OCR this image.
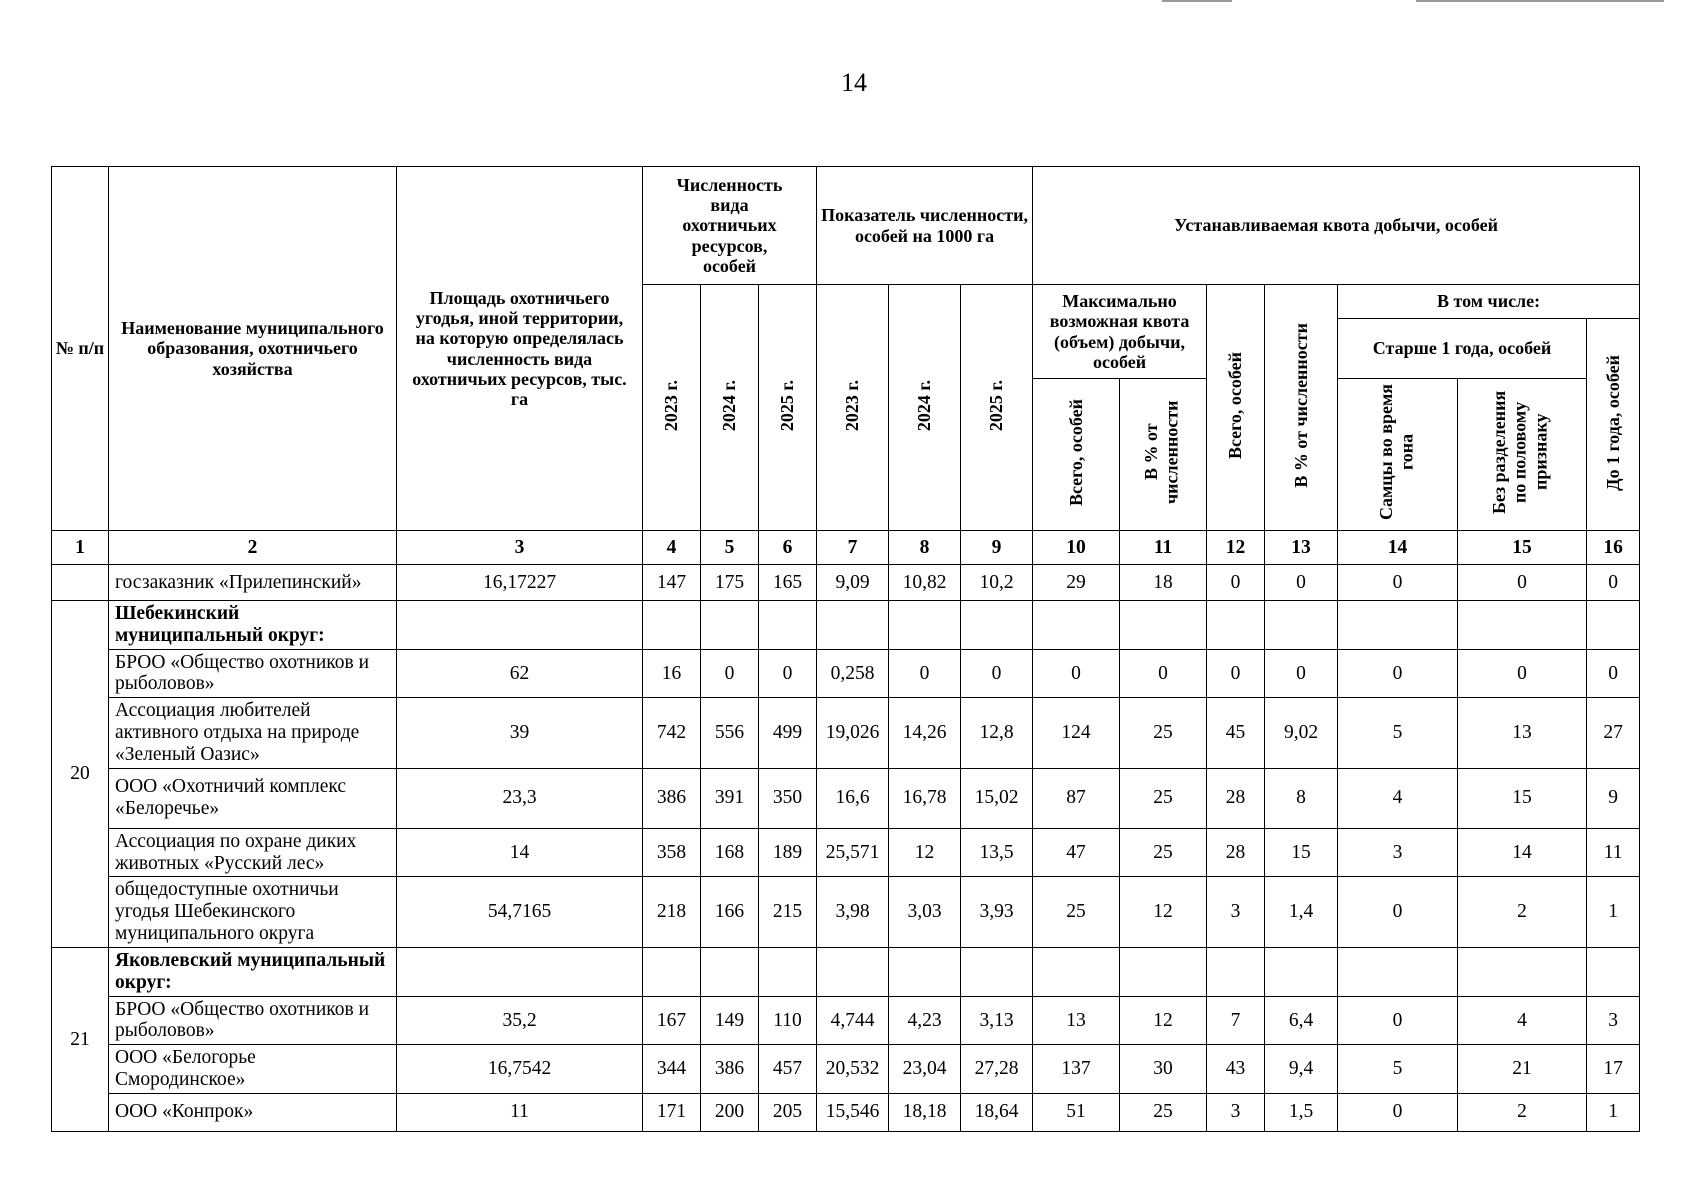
14
№ п/п	Наименование муниципального образования, охотничьего хозяйства	Площадь охотничьего угодья, иной территории, на которую определялась численность вида охотничьих ресурсов, тыс. га	Численность вида охотничьих ресурсов, особей			Показатель численности, особей на 1000 га			Устанавливаемая квота добычи, особей						
			2023 г.	2024 г.	2025 г.	2023 г.	2024 г.	2025 г.	Максимально возможная квота (объем) добычи, особей		Всего, особей	В % от численности	В том числе:		
													Старше 1 года, особей		До 1 года, особей
									Всего, особей	В % от численности			Самцы во время гона	Без разделения по половому признаку	
1	2	3	4	5	6	7	8	9	10	11	12	13	14	15	16
	госзаказник «Прилепинский»	16,17227	147	175	165	9,09	10,82	10,2	29	18	0	0	0	0	0
20	Шебекинский муниципальный округ:														
	БРОО «Общество охотников и рыболовов»	62	16	0	0	0,258	0	0	0	0	0	0	0	0	0
	Ассоциация любителей активного отдыха на природе «Зеленый Оазис»	39	742	556	499	19,026	14,26	12,8	124	25	45	9,02	5	13	27
	ООО «Охотничий комплекс «Белоречье»	23,3	386	391	350	16,6	16,78	15,02	87	25	28	8	4	15	9
	Ассоциация по охране диких животных «Русский лес»	14	358	168	189	25,571	12	13,5	47	25	28	15	3	14	11
	общедоступные охотничьи угодья Шебекинского муниципального округа	54,7165	218	166	215	3,98	3,03	3,93	25	12	3	1,4	0	2	1
21	Яковлевский муниципальный округ:														
	БРОО «Общество охотников и рыболовов»	35,2	167	149	110	4,744	4,23	3,13	13	12	7	6,4	0	4	3
	ООО «Белогорье Смородинское»	16,7542	344	386	457	20,532	23,04	27,28	137	30	43	9,4	5	21	17
	ООО «Конпрок»	11	171	200	205	15,546	18,18	18,64	51	25	3	1,5	0	2	1
